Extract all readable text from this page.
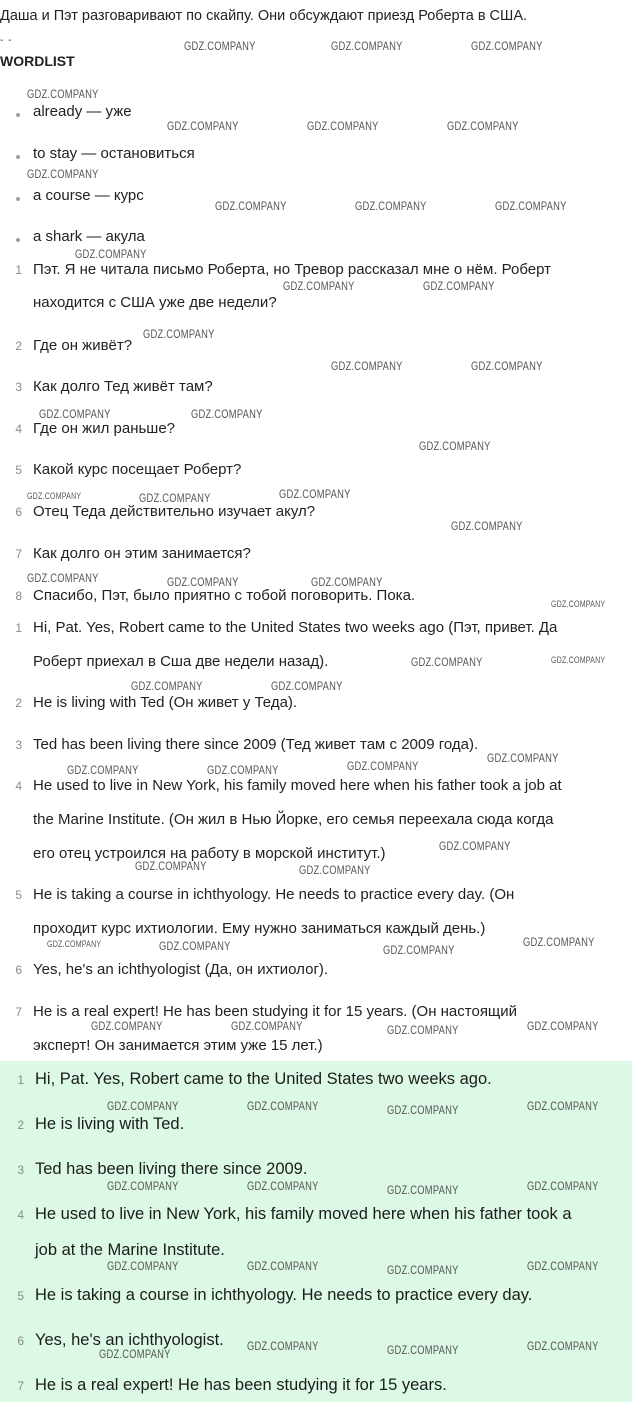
Даша и Пэт разговаривают по скайпу. Они обсуждают приезд Роберта в США.
- -
WORDLIST
already — уже
to stay — остановиться
a course — курс
a shark — акула
1 Пэт. Я не читала письмо Роберта, но Тревор рассказал мне о нём. Роберт
находится с США уже две недели?
2 Где он живёт?
3 Как долго Тед живёт там?
4 Где он жил раньше?
5 Какой курс посещает Роберт?
6 Отец Теда действительно изучает акул?
7 Как долго он этим занимается?
8 Спасибо, Пэт, было приятно с тобой поговорить. Пока.
1 Hi, Pat. Yes, Robert came to the United States two weeks ago (Пэт, привет. Да
Роберт приехал в Сша две недели назад).
2 He is living with Ted (Он живет у Теда).
3 Ted has been living there since 2009 (Тед живет там с 2009 года).
4 He used to live in New York, his family moved here when his father took a job at
the Marine Institute. (Он жил в Нью Йорке, его семья переехала сюда когда
его отец устроился на работу в морской институт.)
5 He is taking a course in ichthyology. He needs to practice every day. (Он
проходит курс ихтиологии. Ему нужно заниматься каждый день.)
6 Yes, he's an ichthyologist (Да, он ихтиолог).
7 He is a real expert! He has been studying it for 15 years. (Он настоящий
эксперт! Он занимается этим уже 15 лет.)
1 Hi, Pat. Yes, Robert came to the United States two weeks ago.
2 He is living with Ted.
3 Ted has been living there since 2009.
4 He used to live in New York, his family moved here when his father took a
job at the Marine Institute.
5 He is taking a course in ichthyology. He needs to practice every day.
6 Yes, he's an ichthyologist.
7 He is a real expert! He has been studying it for 15 years.
GDZ.COMPANY	GDZ.COMPANY	GDZ.COMPANY
GDZ.COMPANY
GDZ.COMPANY	GDZ.COMPANY	GDZ.COMPANY
GDZ.COMPANY
GDZ.COMPANY	GDZ.COMPANY	GDZ.COMPANY
GDZ.COMPANY
GDZ.COMPANY	GDZ.COMPANY
GDZ.COMPANY
GDZ.COMPANY	GDZ.COMPANY
GDZ.COMPANY	GDZ.COMPANY
GDZ.COMPANY
GDZ.COMPANY	GDZ.COMPANY	GDZ.COMPANY
GDZ.COMPANY
GDZ.COMPANY	GDZ.COMPANY	GDZ.COMPANY
GDZ.COMPANY
GDZ.COMPANY	GDZ.COMPANY
GDZ.COMPANY	GDZ.COMPANY
GDZ.COMPANY
GDZ.COMPANY	GDZ.COMPANY	GDZ.COMPANY
GDZ.COMPANY
GDZ.COMPANY	GDZ.COMPANY
GDZ.COMPANY	GDZ.COMPANY	GDZ.COMPANY
GDZ.COMPANY
GDZ.COMPANY	GDZ.COMPANY	GDZ.COMPANY	GDZ.COMPANY
GDZ.COMPANY	GDZ.COMPANY	GDZ.COMPANY	GDZ.COMPANY
GDZ.COMPANY	GDZ.COMPANY	GDZ.COMPANY	GDZ.COMPANY
GDZ.COMPANY	GDZ.COMPANY	GDZ.COMPANY	GDZ.COMPANY
GDZ.COMPANY	GDZ.COMPANY	GDZ.COMPANY
GDZ.COMPANY
